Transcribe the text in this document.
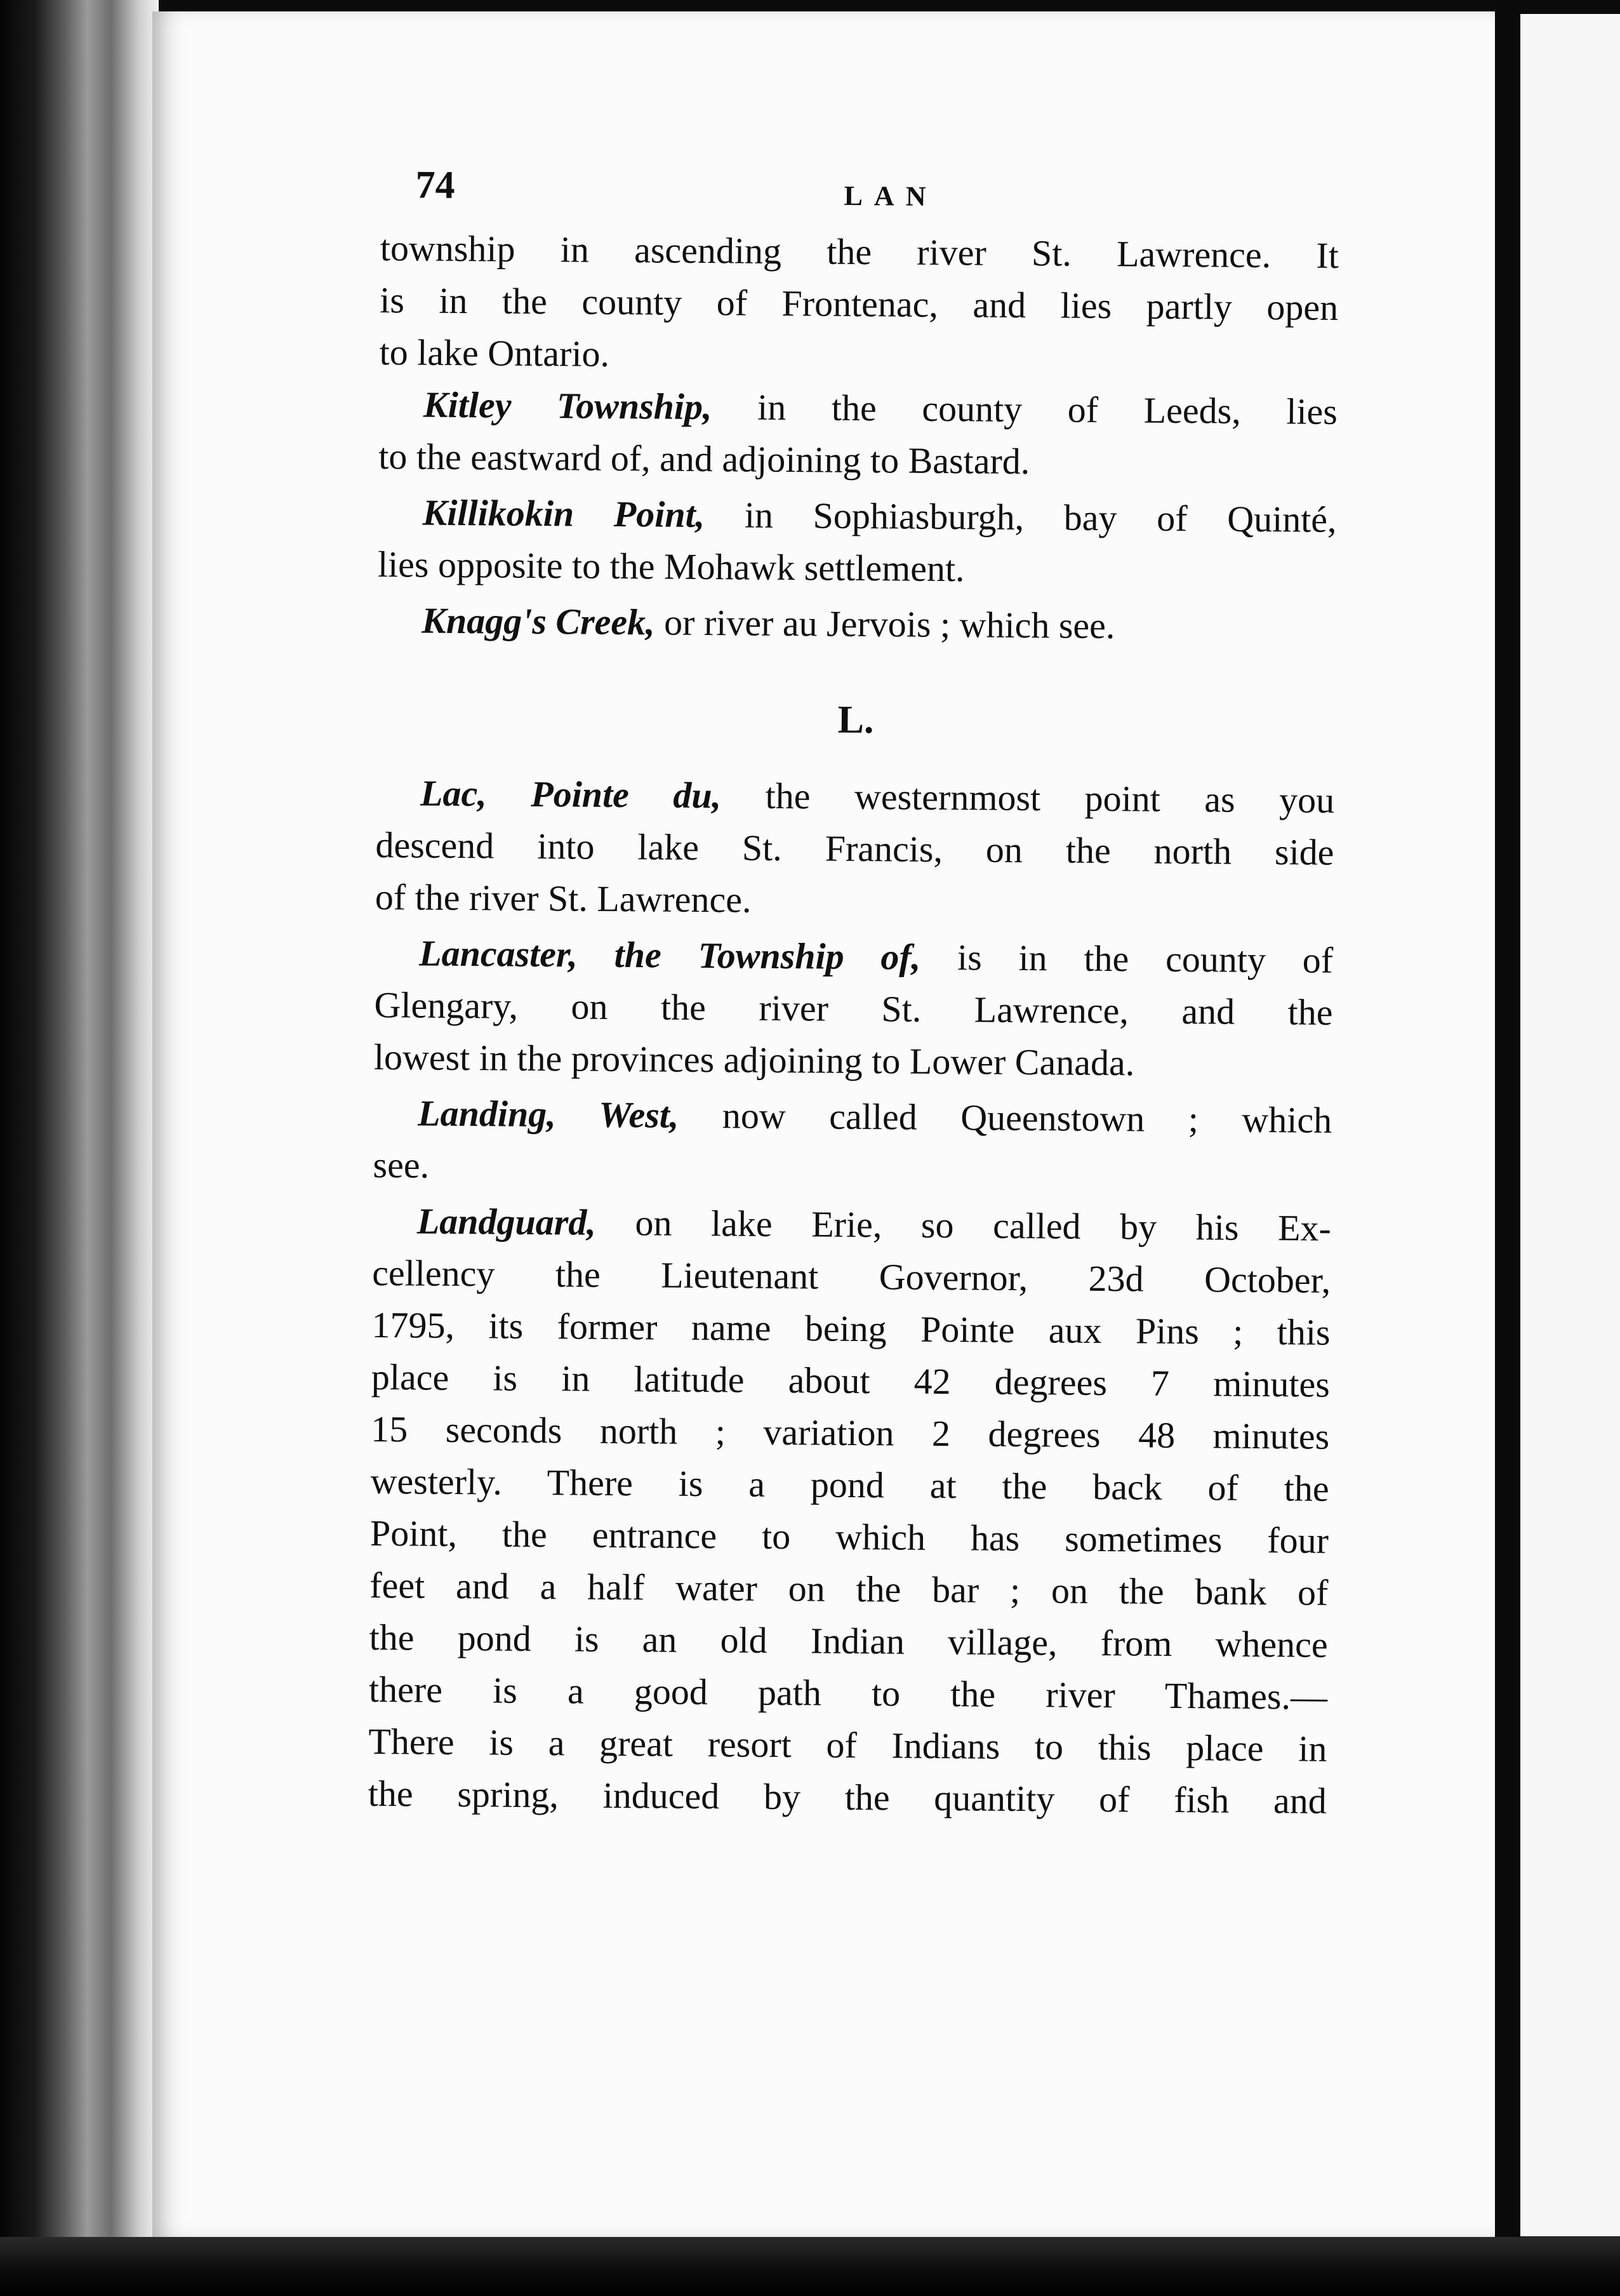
74	LAN
township in ascending the river St. Lawrence. It
is in the county of Frontenac, and lies partly open
to lake Ontario.
Kitley Township, in the county of Leeds, lies
to the eastward of, and adjoining to Bastard.
Killikokin Point, in Sophiasburgh, bay of Quinté,
lies opposite to the Mohawk settlement.
Knagg's Creek, or river au Jervois ; which see.
L.
Lac, Pointe du, the westernmost point as you
descend into lake St. Francis, on the north side
of the river St. Lawrence.
Lancaster, the Township of, is in the county of
Glengary, on the river St. Lawrence, and the
lowest in the provinces adjoining to Lower Canada.
Landing, West, now called Queenstown ; which
see.
Landguard, on lake Erie, so called by his Ex-
cellency the Lieutenant Governor, 23d October,
1795, its former name being Pointe aux Pins ; this
place is in latitude about 42 degrees 7 minutes
15 seconds north ; variation 2 degrees 48 minutes
westerly. There is a pond at the back of the
Point, the entrance to which has sometimes four
feet and a half water on the bar ; on the bank of
the pond is an old Indian village, from whence
there is a good path to the river Thames.—
There is a great resort of Indians to this place in
the spring, induced by the quantity of fish and
